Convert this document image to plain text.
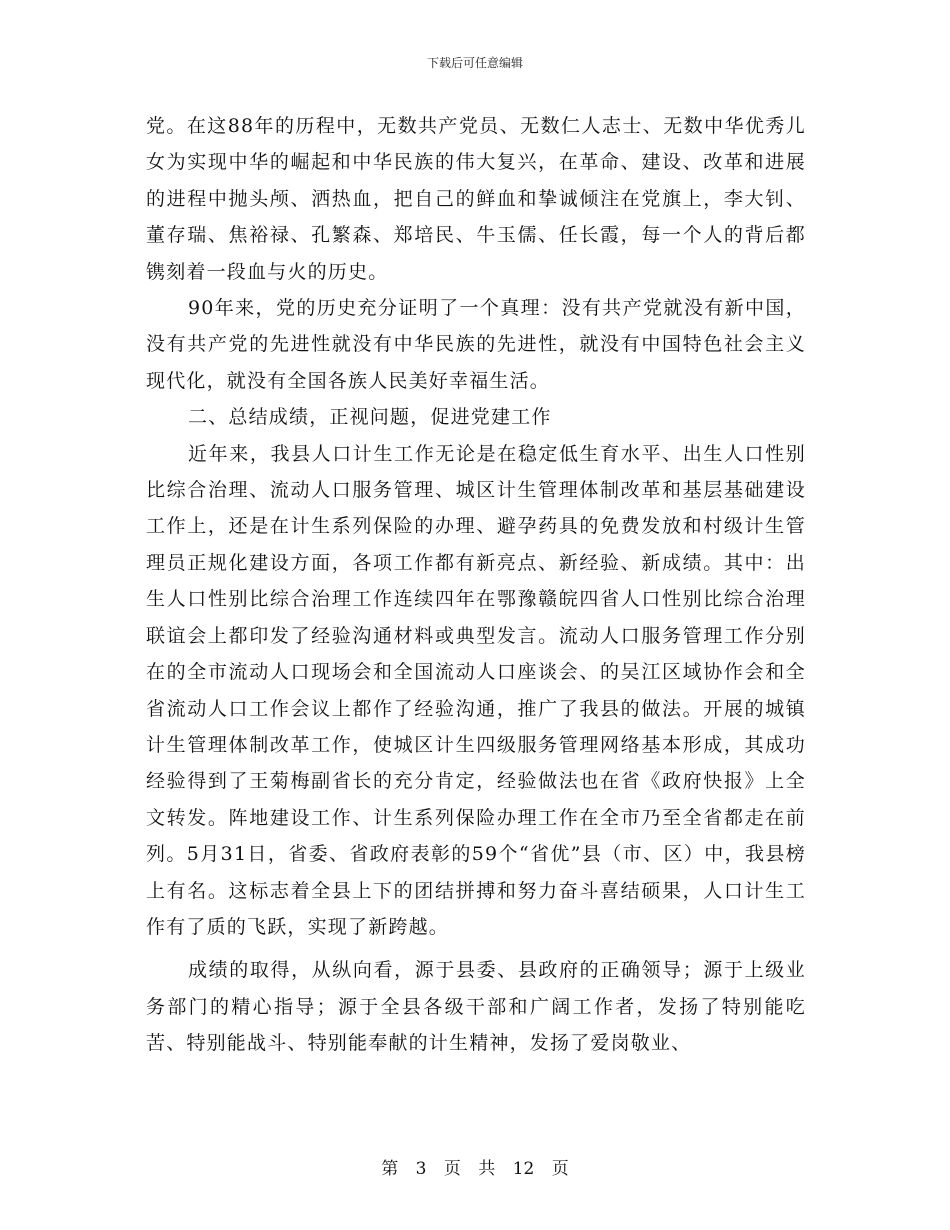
下载后可任意编辑

党。在这88年的历程中，无数共产党员、无数仁人志士、无数中华优秀儿女为实现中华的崛起和中华民族的伟大复兴，在革命、建设、改革和进展的进程中抛头颅、洒热血，把自己的鲜血和挚诚倾注在党旗上，李大钊、董存瑞、焦裕禄、孔繁森、郑培民、牛玉儒、任长霞，每一个人的背后都镌刻着一段血与火的历史。

90年来，党的历史充分证明了一个真理：没有共产党就没有新中国，没有共产党的先进性就没有中华民族的先进性，就没有中国特色社会主义现代化，就没有全国各族人民美好幸福生活。

二、总结成绩，正视问题，促进党建工作

近年来，我县人口计生工作无论是在稳定低生育水平、出生人口性别比综合治理、流动人口服务管理、城区计生管理体制改革和基层基础建设工作上，还是在计生系列保险的办理、避孕药具的免费发放和村级计生管理员正规化建设方面，各项工作都有新亮点、新经验、新成绩。其中：出生人口性别比综合治理工作连续四年在鄂豫赣皖四省人口性别比综合治理联谊会上都印发了经验沟通材料或典型发言。流动人口服务管理工作分别在的全市流动人口现场会和全国流动人口座谈会、的吴江区域协作会和全省流动人口工作会议上都作了经验沟通，推广了我县的做法。开展的城镇计生管理体制改革工作，使城区计生四级服务管理网络基本形成，其成功经验得到了王菊梅副省长的充分肯定，经验做法也在省《政府快报》上全文转发。阵地建设工作、计生系列保险办理工作在全市乃至全省都走在前列。5月31日，省委、省政府表彰的59个“省优”县（市、区）中，我县榜上有名。这标志着全县上下的团结拼搏和努力奋斗喜结硕果，人口计生工作有了质的飞跃，实现了新跨越。

成绩的取得，从纵向看，源于县委、县政府的正确领导；源于上级业务部门的精心指导；源于全县各级干部和广阔工作者，发扬了特别能吃苦、特别能战斗、特别能奉献的计生精神，发扬了爱岗敬业、

第 3 页 共 12 页
